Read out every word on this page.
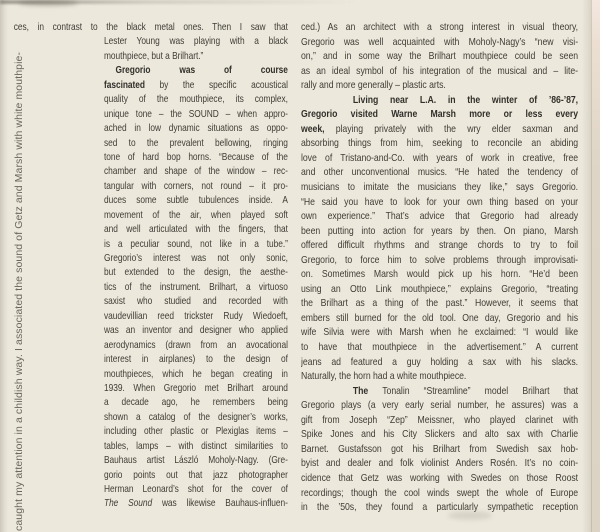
caught my attention in a childish way. I associated the sound of Getz and Marsh with white mouthpie-
ces, in contrast to the black metal ones. Then I saw that
Lester Young was playing with a black
mouthpiece, but a Brilhart.”
Gregorio was of course
fascinated by the specific acoustical
quality of the mouthpiece, its complex,
unique tone – the SOUND – when appro-
ached in low dynamic situations as oppo-
sed to the prevalent bellowing, ringing
tone of hard bop horns. “Because of the
chamber and shape of the window – rec-
tangular with corners, not round – it pro-
duces some subtle tubulences inside. A
movement of the air, when played soft
and well articulated with the fingers, that
is a peculiar sound, not like in a tube.”
Gregorio’s interest was not only sonic,
but extended to the design, the aesthe-
tics of the instrument. Brilhart, a virtuoso
saxist who studied and recorded with
vaudevillian reed trickster Rudy Wiedoeft,
was an inventor and designer who applied
aerodynamics (drawn from an avocational
interest in airplanes) to the design of
mouthpieces, which he began creating in
1939. When Gregorio met Brilhart around
a decade ago, he remembers being
shown a catalog of the designer’s works,
including other plastic or Plexiglas items –
tables, lamps – with distinct similarities to
Bauhaus artist László Moholy-Nagy. (Gre-
gorio points out that jazz photographer
Herman Leonard’s shot for the cover of
The Sound was likewise Bauhaus-influen-
ced.) As an architect with a strong interest in visual theory,
Gregorio was well acquainted with Moholy-Nagy’s “new visi-
on,” and in some way the Brilhart mouthpiece could be seen
as an ideal symbol of his integration of the musical and – lite-
rally and more generally – plastic arts.
Living near L.A. in the winter of ’86-’87,
Gregorio visited Warne Marsh more or less every
week, playing privately with the wry elder saxman and
absorbing things from him, seeking to reconcile an abiding
love of Tristano-and-Co. with years of work in creative, free
and other unconventional musics. “He hated the tendency of
musicians to imitate the musicians they like,” says Gregorio.
“He said you have to look for your own thing based on your
own experience.” That’s advice that Gregorio had already
been putting into action for years by then. On piano, Marsh
offered difficult rhythms and strange chords to try to foil
Gregorio, to force him to solve problems through improvisati-
on. Sometimes Marsh would pick up his horn. “He’d been
using an Otto Link mouthpiece,” explains Gregorio, “treating
the Brilhart as a thing of the past.” However, it seems that
embers still burned for the old tool. One day, Gregorio and his
wife Silvia were with Marsh when he exclaimed: “I would like
to have that mouthpiece in the advertisement.” A current
jeans ad featured a guy holding a sax with his slacks.
Naturally, the horn had a white mouthpiece.
The Tonalin “Streamline” model Brilhart that
Gregorio plays (a very early serial number, he assures) was a
gift from Joseph “Zep” Meissner, who played clarinet with
Spike Jones and his City Slickers and alto sax with Charlie
Barnet. Gustafsson got his Brilhart from Swedish sax hob-
byist and dealer and folk violinist Anders Rosén. It’s no coin-
cidence that Getz was working with Swedes on those Roost
recordings; though the cool winds swept the whole of Europe
in the ’50s, they found a particularly sympathetic reception
